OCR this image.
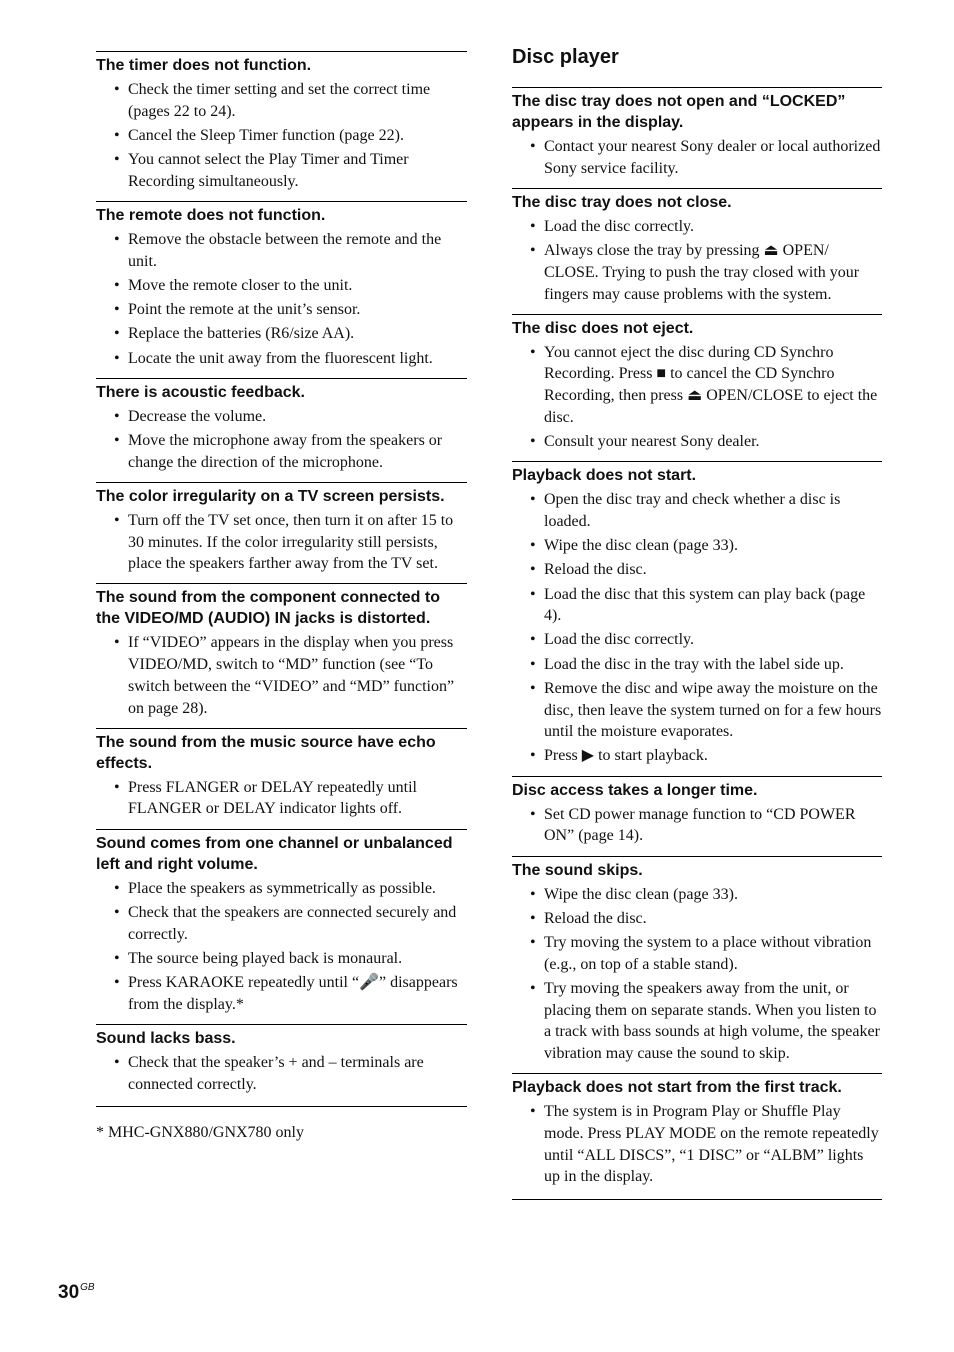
The timer does not function.
• Check the timer setting and set the correct time (pages 22 to 24).
• Cancel the Sleep Timer function (page 22).
• You cannot select the Play Timer and Timer Recording simultaneously.
The remote does not function.
• Remove the obstacle between the remote and the unit.
• Move the remote closer to the unit.
• Point the remote at the unit’s sensor.
• Replace the batteries (R6/size AA).
• Locate the unit away from the fluorescent light.
There is acoustic feedback.
• Decrease the volume.
• Move the microphone away from the speakers or change the direction of the microphone.
The color irregularity on a TV screen persists.
• Turn off the TV set once, then turn it on after 15 to 30 minutes. If the color irregularity still persists, place the speakers farther away from the TV set.
The sound from the component connected to the VIDEO/MD (AUDIO) IN jacks is distorted.
• If “VIDEO” appears in the display when you press VIDEO/MD, switch to “MD” function (see “To switch between the “VIDEO” and “MD” function” on page 28).
The sound from the music source have echo effects.
• Press FLANGER or DELAY repeatedly until FLANGER or DELAY indicator lights off.
Sound comes from one channel or unbalanced left and right volume.
• Place the speakers as symmetrically as possible.
• Check that the speakers are connected securely and correctly.
• The source being played back is monaural.
• Press KARAOKE repeatedly until “🎤” disappears from the display.*
Sound lacks bass.
• Check that the speaker’s + and – terminals are connected correctly.
Disc player
The disc tray does not open and “LOCKED” appears in the display.
• Contact your nearest Sony dealer or local authorized Sony service facility.
The disc tray does not close.
• Load the disc correctly.
• Always close the tray by pressing ⏏ OPEN/ CLOSE. Trying to push the tray closed with your fingers may cause problems with the system.
The disc does not eject.
• You cannot eject the disc during CD Synchro Recording. Press ■ to cancel the CD Synchro Recording, then press ⏏ OPEN/CLOSE to eject the disc.
• Consult your nearest Sony dealer.
Playback does not start.
• Open the disc tray and check whether a disc is loaded.
• Wipe the disc clean (page 33).
• Reload the disc.
• Load the disc that this system can play back (page 4).
• Load the disc correctly.
• Load the disc in the tray with the label side up.
• Remove the disc and wipe away the moisture on the disc, then leave the system turned on for a few hours until the moisture evaporates.
• Press ▶ to start playback.
Disc access takes a longer time.
• Set CD power manage function to “CD POWER ON” (page 14).
The sound skips.
• Wipe the disc clean (page 33).
• Reload the disc.
• Try moving the system to a place without vibration (e.g., on top of a stable stand).
• Try moving the speakers away from the unit, or placing them on separate stands. When you listen to a track with bass sounds at high volume, the speaker vibration may cause the sound to skip.
Playback does not start from the first track.
• The system is in Program Play or Shuffle Play mode. Press PLAY MODE on the remote repeatedly until “ALL DISCS”, “1 DISC” or “ALBM” lights up in the display.
* MHC-GNX880/GNX780 only
$30^{GB}$
